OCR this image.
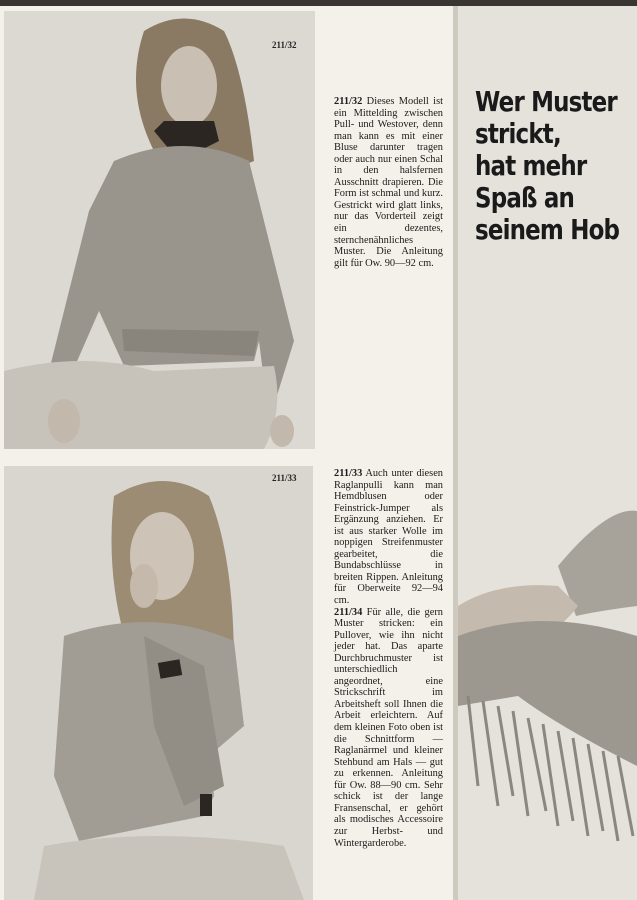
211/32
211/33

211/32 Dieses Modell ist ein Mittelding zwischen Pull- und Westover, denn man kann es mit einer Bluse darunter tragen oder auch nur einen Schal in den halsfernen Ausschnitt drapieren. Die Form ist schmal und kurz. Gestrickt wird glatt links, nur das Vorderteil zeigt ein dezentes, sternchenähnliches Muster. Die Anleitung gilt für Ow. 90—92 cm.

211/33 Auch unter diesen Raglanpulli kann man Hemdblusen oder Feinstrick-Jumper als Ergänzung anziehen. Er ist aus starker Wolle im noppigen Streifenmuster gearbeitet, die Bundabschlüsse in breiten Rippen. Anleitung für Oberweite 92—94 cm.

211/34 Für alle, die gern Muster stricken: ein Pullover, wie ihn nicht jeder hat. Das aparte Durchbruchmuster ist unterschiedlich angeordnet, eine Strickschrift im Arbeitsheft soll Ihnen die Arbeit erleichtern. Auf dem kleinen Foto oben ist die Schnittform — Raglanärmel und kleiner Stehbund am Hals — gut zu erkennen. Anleitung für Ow. 88—90 cm. Sehr schick ist der lange Fransenschal, er gehört als modisches Accessoire zur Herbst- und Wintergarderobe.

Wer Muster
strickt,
hat mehr
Spaß an
seinem Hob
